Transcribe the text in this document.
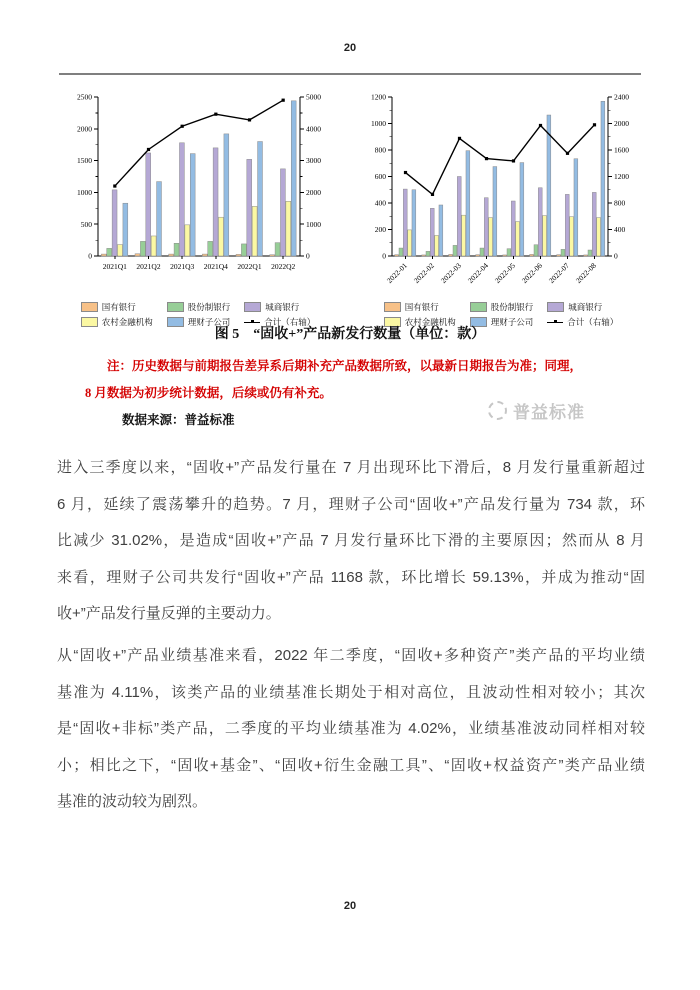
20
0
500
1000
1500
2000
2500
0
1000
2000
3000
4000
5000
2021Q1 2021Q2 2021Q3 2021Q4 2022Q1 2022Q2
国有银行	股份制银行	城商银行
农村金融机构	理财子公司	合计（右轴）
0
200
400
600
800
1000
1200
0
400
800
1200
1600
2000
2400
2022-01 2022-02 2022-03 2022-04 2022-05 2022-06 2022-07 2022-08
国有银行	股份制银行	城商银行
农村金融机构	理财子公司	合计（右轴）
图 5　“固收+”产品新发行数量（单位：款）
注：历史数据与前期报告差异系后期补充产品数据所致，以最新日期报告为准；同理，
8 月数据为初步统计数据，后续或仍有补充。
数据来源：普益标准	普益标准
进入三季度以来，“固收+”产品发行量在 7 月出现环比下滑后，8 月发行量重新超过
6 月，延续了震荡攀升的趋势。7 月，理财子公司“固收+”产品发行量为 734 款，环
比减少 31.02%，是造成“固收+”产品 7 月发行量环比下滑的主要原因；然而从 8 月
来看，理财子公司共发行“固收+”产品 1168 款，环比增长 59.13%，并成为推动“固
收+”产品发行量反弹的主要动力。
从“固收+”产品业绩基准来看，2022 年二季度，“固收+多种资产”类产品的平均业绩
基准为 4.11%，该类产品的业绩基准长期处于相对高位，且波动性相对较小；其次
是“固收+非标”类产品，二季度的平均业绩基准为 4.02%，业绩基准波动同样相对较
小；相比之下，“固收+基金”、“固收+衍生金融工具”、“固收+权益资产”类产品业绩
基准的波动较为剧烈。
20
